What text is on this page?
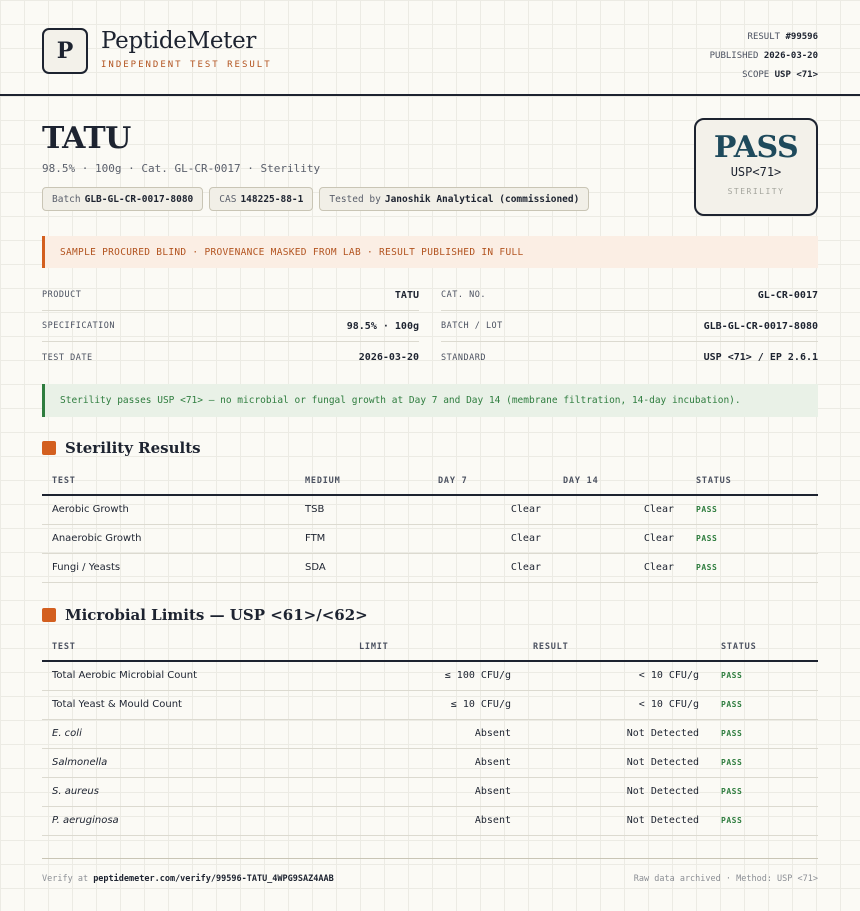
P	PeptideMeter
INDEPENDENT TEST RESULT
RESULT #99596
PUBLISHED 2026-03-20
SCOPE USP <71>
TATU
98.5% · 100g · Cat. GL-CR-0017 · Sterility
Batch GLB-GL-CR-0017-8080	CAS 148225-88-1	Tested by Janoshik Analytical (commissioned)
PASS
USP<71>
STERILITY
SAMPLE PROCURED BLIND · PROVENANCE MASKED FROM LAB · RESULT PUBLISHED IN FULL
PRODUCT	TATU	CAT. NO.	GL-CR-0017
SPECIFICATION	98.5% · 100g	BATCH / LOT	GLB-GL-CR-0017-8080
TEST DATE	2026-03-20	STANDARD	USP <71> / EP 2.6.1
Sterility passes USP <71> — no microbial or fungal growth at Day 7 and Day 14 (membrane filtration, 14-day incubation).
Sterility Results
TEST	MEDIUM	DAY 7	DAY 14	STATUS
Aerobic Growth	TSB	Clear	Clear	PASS
Anaerobic Growth	FTM	Clear	Clear	PASS
Fungi / Yeasts	SDA	Clear	Clear	PASS
Microbial Limits — USP <61>/<62>
TEST	LIMIT	RESULT	STATUS
Total Aerobic Microbial Count	≤ 100 CFU/g	< 10 CFU/g	PASS
Total Yeast & Mould Count	≤ 10 CFU/g	< 10 CFU/g	PASS
E. coli	Absent	Not Detected	PASS
Salmonella	Absent	Not Detected	PASS
S. aureus	Absent	Not Detected	PASS
P. aeruginosa	Absent	Not Detected	PASS
Verify at peptidemeter.com/verify/99596-TATU_4WPG9SAZ4AAB	Raw data archived · Method: USP <71>
